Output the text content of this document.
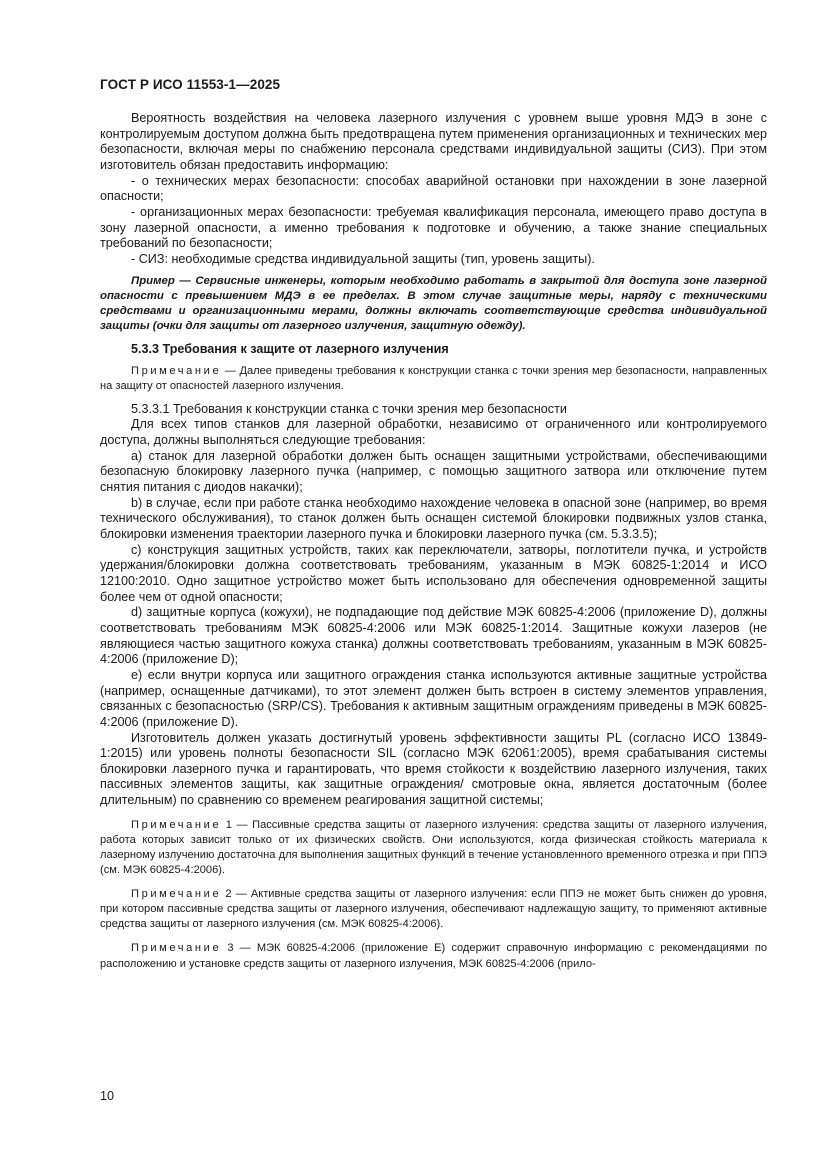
ГОСТ Р ИСО 11553-1—2025

Вероятность воздействия на человека лазерного излучения с уровнем выше уровня МДЭ в зоне с контролируемым доступом должна быть предотвращена путем применения организационных и технических мер безопасности, включая меры по снабжению персонала средствами индивидуальной защиты (СИЗ). При этом изготовитель обязан предоставить информацию:

- о технических мерах безопасности: способах аварийной остановки при нахождении в зоне лазерной опасности;

- организационных мерах безопасности: требуемая квалификация персонала, имеющего право доступа в зону лазерной опасности, а именно требования к подготовке и обучению, а также знание специальных требований по безопасности;

- СИЗ: необходимые средства индивидуальной защиты (тип, уровень защиты).

Пример — Сервисные инженеры, которым необходимо работать в закрытой для доступа зоне лазерной опасности с превышением МДЭ в ее пределах. В этом случае защитные меры, наряду с техническими средствами и организационными мерами, должны включать соответствующие средства индивидуальной защиты (очки для защиты от лазерного излучения, защитную одежду).

5.3.3 Требования к защите от лазерного излучения

Примечание — Далее приведены требования к конструкции станка с точки зрения мер безопасности, направленных на защиту от опасностей лазерного излучения.

5.3.3.1 Требования к конструкции станка с точки зрения мер безопасности

Для всех типов станков для лазерной обработки, независимо от ограниченного или контролируемого доступа, должны выполняться следующие требования:

a) станок для лазерной обработки должен быть оснащен защитными устройствами, обеспечивающими безопасную блокировку лазерного пучка (например, с помощью защитного затвора или отключение путем снятия питания с диодов накачки);

b) в случае, если при работе станка необходимо нахождение человека в опасной зоне (например, во время технического обслуживания), то станок должен быть оснащен системой блокировки подвижных узлов станка, блокировки изменения траектории лазерного пучка и блокировки лазерного пучка (см. 5.3.3.5);

c) конструкция защитных устройств, таких как переключатели, затворы, поглотители пучка, и устройств удержания/блокировки должна соответствовать требованиям, указанным в МЭК 60825-1:2014 и ИСО 12100:2010. Одно защитное устройство может быть использовано для обеспечения одновременной защиты более чем от одной опасности;

d) защитные корпуса (кожухи), не подпадающие под действие МЭК 60825-4:2006 (приложение D), должны соответствовать требованиям МЭК 60825-4:2006 или МЭК 60825-1:2014. Защитные кожухи лазеров (не являющиеся частью защитного кожуха станка) должны соответствовать требованиям, указанным в МЭК 60825-4:2006 (приложение D);

e) если внутри корпуса или защитного ограждения станка используются активные защитные устройства (например, оснащенные датчиками), то этот элемент должен быть встроен в систему элементов управления, связанных с безопасностью (SRP/CS). Требования к активным защитным ограждениям приведены в МЭК 60825-4:2006 (приложение D).

Изготовитель должен указать достигнутый уровень эффективности защиты PL (согласно ИСО 13849-1:2015) или уровень полноты безопасности SIL (согласно МЭК 62061:2005), время срабатывания системы блокировки лазерного пучка и гарантировать, что время стойкости к воздействию лазерного излучения, таких пассивных элементов защиты, как защитные ограждения/ смотровые окна, является достаточным (более длительным) по сравнению со временем реагирования защитной системы;

Примечание 1 — Пассивные средства защиты от лазерного излучения: средства защиты от лазерного излучения, работа которых зависит только от их физических свойств. Они используются, когда физическая стойкость материала к лазерному излучению достаточна для выполнения защитных функций в течение установленного временного отрезка и при ППЭ (см. МЭК 60825-4:2006).

Примечание 2 — Активные средства защиты от лазерного излучения: если ППЭ не может быть снижен до уровня, при котором пассивные средства защиты от лазерного излучения, обеспечивают надлежащую защиту, то применяют активные средства защиты от лазерного излучения (см. МЭК 60825-4:2006).

Примечание 3 — МЭК 60825-4:2006 (приложение E) содержит справочную информацию с рекомендациями по расположению и установке средств защиты от лазерного излучения, МЭК 60825-4:2006 (прило-

10
